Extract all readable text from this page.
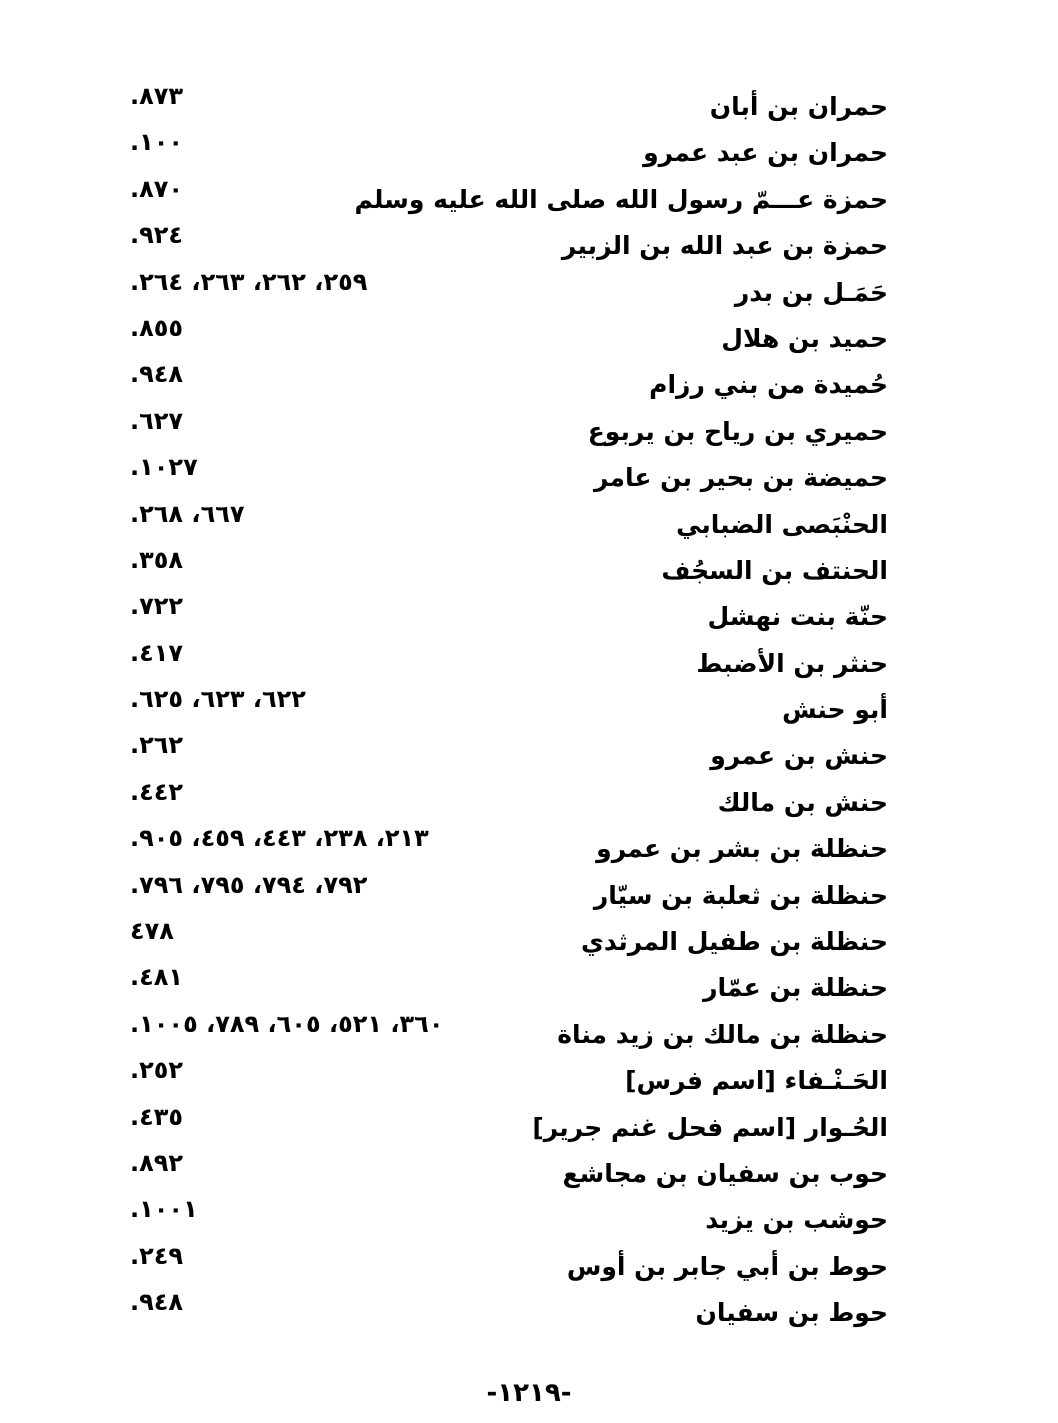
حمران بن أبان
٨٧٣.
حمران بن عبد عمرو
١٠٠.
حمزة عـــمّ رسول الله صلى الله عليه وسلم
٨٧٠.
حمزة بن عبد الله بن الزبير
٩٢٤.
حَمَـل بن بدر
٢٥٩، ٢٦٢، ٢٦٣، ٢٦٤.
حميد بن هلال
٨٥٥.
حُميدة من بني رزام
٩٤٨.
حميري بن رياح بن يربوع
٦٢٧.
حميضة بن بحير بن عامر
١٠٢٧.
الحنْبَصى الضبابي
٦٦٧، ٢٦٨.
الحنتف بن السجُف
٣٥٨.
حنّة بنت نهشل
٧٢٢.
حنثر بن الأضبط
٤١٧.
أبو حنش
٦٢٢، ٦٢٣، ٦٢٥.
حنش بن عمرو
٢٦٢.
حنش بن مالك
٤٤٢.
حنظلة بن بشر بن عمرو
٢١٣، ٢٣٨، ٤٤٣، ٤٥٩، ٩٠٥.
حنظلة بن ثعلبة بن سيّار
٧٩٢، ٧٩٤، ٧٩٥، ٧٩٦.
حنظلة بن طفيل المرثدي
٤٧٨
حنظلة بن عمّار
٤٨١.
حنظلة بن مالك بن زيد مناة
٣٦٠، ٥٢١، ٦٠٥، ٧٨٩، ١٠٠٥.
الحَـنْـفاء [اسم فرس]
٢٥٢.
الحُـوار [اسم فحل غنم جرير]
٤٣٥.
حوب بن سفيان بن مجاشع
٨٩٢.
حوشب بن يزيد
١٠٠١.
حوط بن أبي جابر بن أوس
٢٤٩.
حوط بن سفيان
٩٤٨.
-١٢١٩-
